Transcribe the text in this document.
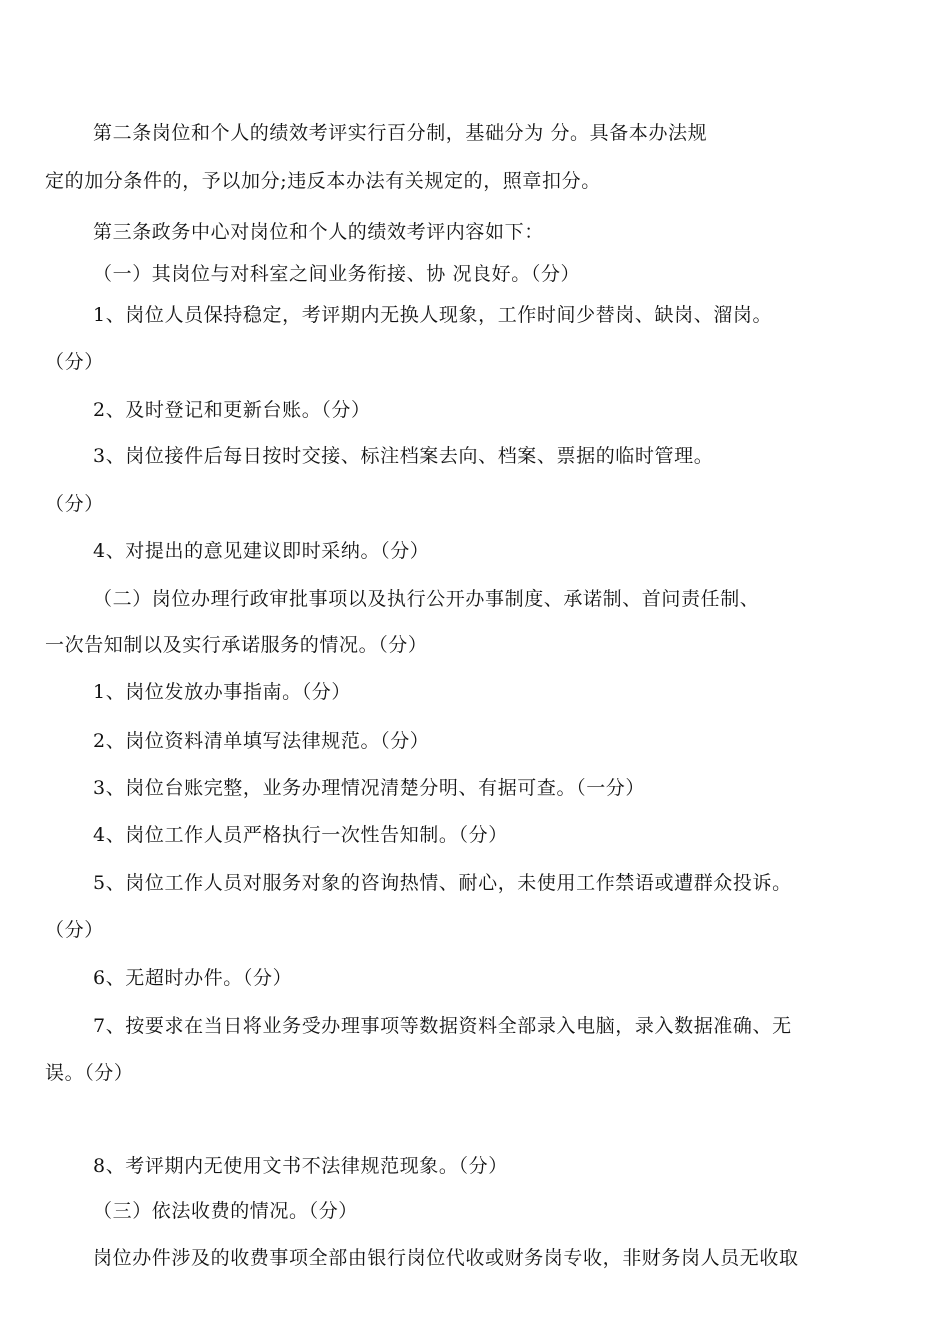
第二条岗位和个人的绩效考评实行百分制，基础分为 分。具备本办法规
定的加分条件的，予以加分;违反本办法有关规定的，照章扣分。
第三条政务中心对岗位和个人的绩效考评内容如下：
（一）其岗位与对科室之间业务衔接、协 况良好。（分）
1、岗位人员保持稳定，考评期内无换人现象，工作时间少替岗、缺岗、溜岗。
（分）
2、及时登记和更新台账。（分）
3、岗位接件后每日按时交接、标注档案去向、档案、票据的临时管理。
（分）
4、对提出的意见建议即时采纳。（分）
（二）岗位办理行政审批事项以及执行公开办事制度、承诺制、首问责任制、
一次告知制以及实行承诺服务的情况。（分）
1、岗位发放办事指南。（分）
2、岗位资料清单填写法律规范。（分）
3、岗位台账完整，业务办理情况清楚分明、有据可查。（一分）
4、岗位工作人员严格执行一次性告知制。（分）
5、岗位工作人员对服务对象的咨询热情、耐心，未使用工作禁语或遭群众投诉。
（分）
6、无超时办件。（分）
7、按要求在当日将业务受办理事项等数据资料全部录入电脑，录入数据准确、无
误。（分）
8、考评期内无使用文书不法律规范现象。（分）
（三）依法收费的情况。（分）
岗位办件涉及的收费事项全部由银行岗位代收或财务岗专收，非财务岗人员无收取
